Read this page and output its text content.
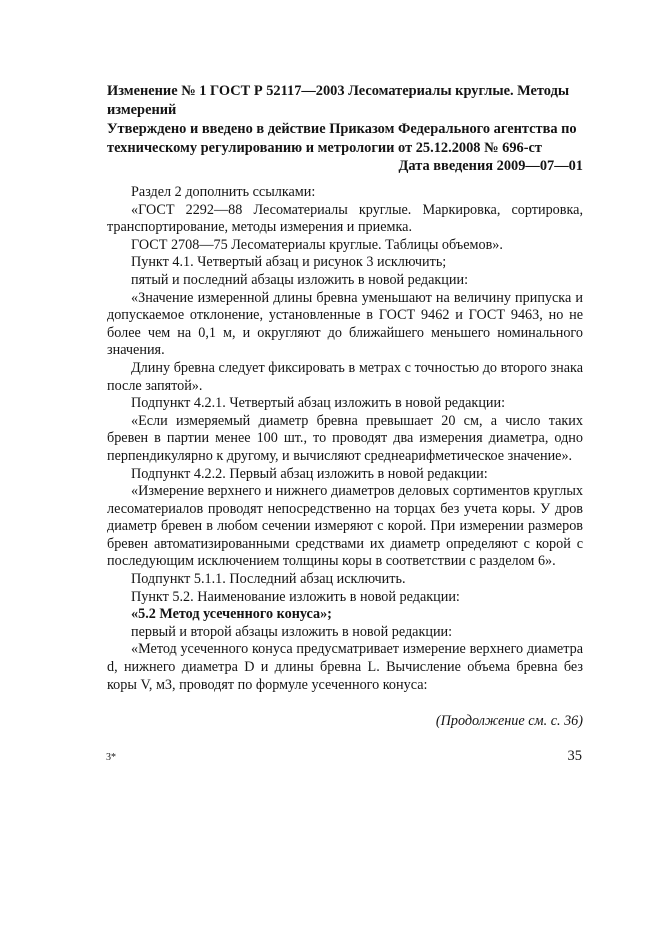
Изменение № 1 ГОСТ Р 52117—2003 Лесоматериалы круглые. Методы измерений
Утверждено и введено в действие Приказом Федерального агентства по техническому регулированию и метрологии от 25.12.2008 № 696-ст
Дата введения 2009—07—01

Раздел 2 дополнить ссылками:

«ГОСТ 2292—88 Лесоматериалы круглые. Маркировка, сортировка, транспортирование, методы измерения и приемка.

ГОСТ 2708—75 Лесоматериалы круглые. Таблицы объемов».

Пункт 4.1. Четвертый абзац и рисунок 3 исключить;

пятый и последний абзацы изложить в новой редакции:

«Значение измеренной длины бревна уменьшают на величину припуска и допускаемое отклонение, установленные в ГОСТ 9462 и ГОСТ 9463, но не более чем на 0,1 м, и округляют до ближайшего меньшего номинального значения.

Длину бревна следует фиксировать в метрах с точностью до второго знака после запятой».

Подпункт 4.2.1. Четвертый абзац изложить в новой редакции:

«Если измеряемый диаметр бревна превышает 20 см, а число таких бревен в партии менее 100 шт., то проводят два измерения диаметра, одно перпендикулярно к другому, и вычисляют среднеарифметическое значение».

Подпункт 4.2.2. Первый абзац изложить в новой редакции:

«Измерение верхнего и нижнего диаметров деловых сортиментов круглых лесоматериалов проводят непосредственно на торцах без учета коры. У дров диаметр бревен в любом сечении измеряют с корой. При измерении размеров бревен автоматизированными средствами их диаметр определяют с корой с последующим исключением толщины коры в соответствии с разделом 6».

Подпункт 5.1.1. Последний абзац исключить.

Пункт 5.2. Наименование изложить в новой редакции:

«5.2 Метод усеченного конуса»;

первый и второй абзацы изложить в новой редакции:

«Метод усеченного конуса предусматривает измерение верхнего диаметра d, нижнего диаметра D и длины бревна L. Вычисление объема бревна без коры V, м3, проводят по формуле усеченного конуса:

(Продолжение см. с. 36)
3*	35
